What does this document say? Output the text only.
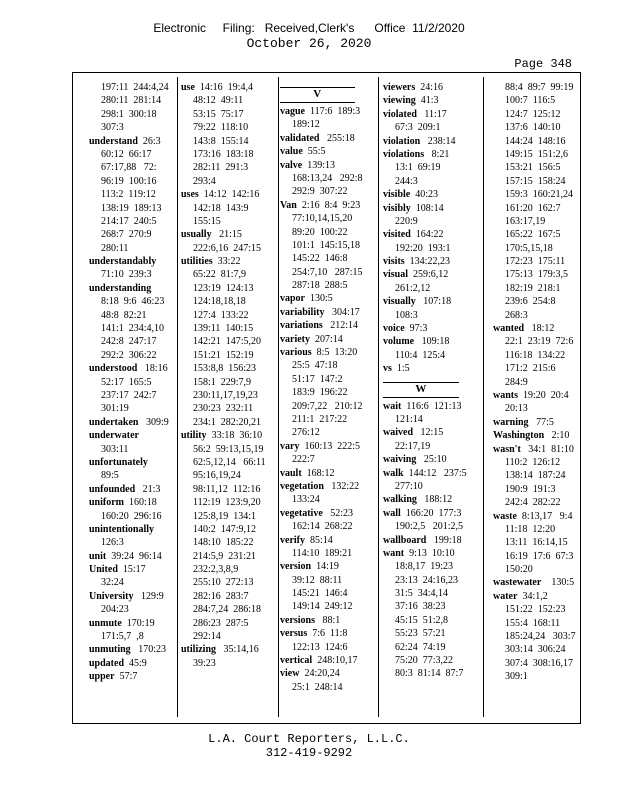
Electronic     Filing:   Received,Clerk's      Office  11/2/2020
October 26, 2020
Page 348
197:11  244:4,24
280:11  281:14
298:1  300:18
307:3
understand  26:3
60:12  66:17
67:17,88   72:
96:19  100:16
113:2  119:12
138:19  189:13
214:17  240:5
268:7  270:9
280:11
understandably
71:10  239:3
understanding
8:18  9:6  46:23
48:8  82:21
141:1  234:4,10
242:8  247:17
292:2  306:22
understood   18:16
52:17  165:5
237:17  242:7
301:19
undertaken   309:9
underwater
303:11
unfortunately
89:5
unfounded   21:3
uniform  160:18
160:20  296:16
unintentionally
126:3
unit  39:24  96:14
United  15:17
32:24
University   129:9
204:23
unmute  170:19
171:5,7  ,8
unmuting   170:23
updated  45:9
upper  57:7
use  14:16  19:4,4
48:12  49:11
53:15  75:17
79:22  118:10
143:8  155:14
173:16  183:18
282:11  291:3
293:4
uses  14:12  142:16
142:18  143:9
155:15
usually   21:15
222:6,16  247:15
utilities  33:22
65:22  81:7,9
123:19  124:13
124:18,18,18
127:4  133:22
139:11  140:15
142:21  147:5,20
151:21  152:19
153:8,8  156:23
158:1  229:7,9
230:11,17,19,23
230:23  232:11
234:1  282:20,21
utility  33:18  36:10
56:2  59:13,15,19
62:5,12,14   66:11
95:16,19,24
98:11,12  112:16
112:19  123:9,20
125:8,19  134:1
140:2  147:9,12
148:10  185:22
214:5,9  231:21
232:2,3,8,9
255:10  272:13
282:16  283:7
284:7,24  286:18
286:23  287:5
292:14
utilizing   35:14,16
39:23
V
vague  117:6  189:3
189:12
validated   255:18
value  55:5
valve  139:13
168:13,24   292:8
292:9  307:22
Van  2:16  8:4  9:23
77:10,14,15,20
89:20  100:22
101:1  145:15,18
145:22  146:8
254:7,10   287:15
287:18  288:5
vapor  130:5
variability   304:17
variations   212:14
variety  207:14
various  8:5  13:20
25:5  47:18
51:17  147:2
183:9  196:22
209:7,22   210:12
211:1  217:22
276:12
vary  160:13  222:5
222:7
vault  168:12
vegetation   132:22
133:24
vegetative   52:23
162:14  268:22
verify  85:14
114:10  189:21
version  14:19
39:12  88:11
145:21  146:4
149:14  249:12
versions   88:1
versus  7:6  11:8
122:13  124:6
vertical  248:10,17
view  24:20,24
25:1  248:14
viewers  24:16
viewing  41:3
violated   11:17
67:3  209:1
violation   238:14
violations   8:21
13:1  69:19
244:3
visible  40:23
visibly  108:14
220:9
visited  164:22
192:20  193:1
visits  134:22,23
visual  259:6,12
261:2,12
visually   107:18
108:3
voice  97:3
volume   109:18
110:4  125:4
vs  1:5
W
wait  116:6  121:13
121:14
waived   12:15
22:17,19
waiving   25:10
walk  144:12   237:5
277:10
walking   188:12
wall  166:20  177:3
190:2,5   201:2,5
wallboard   199:18
want  9:13  10:10
18:8,17  19:23
23:13  24:16,23
31:5  34:4,14
37:16  38:23
45:15  51:2,8
55:23  57:21
62:24  74:19
75:20  77:3,22
80:3  81:14  87:7
88:4  89:7  99:19
100:7  116:5
124:7  125:12
137:6  140:10
144:24  148:16
149:15  151:2,6
153:21  156:5
157:15  158:24
159:3  160:21,24
161:20  162:7
163:17,19
165:22  167:5
170:5,15,18
172:23  175:11
175:13  179:3,5
182:19  218:1
239:6  254:8
268:3
wanted   18:12
22:1  23:19  72:6
116:18  134:22
171:2  215:6
284:9
wants  19:20  20:4
20:13
warning   77:5
Washington   2:10
wasn't   34:1  81:10
110:2  126:12
138:14  187:24
190:9  191:3
242:4  282:22
waste  8:13,17   9:4
11:18  12:20
13:11  16:14,15
16:19  17:6  67:3
150:20
wastewater    130:5
water  34:1,2
151:22  152:23
155:4  168:11
185:24,24   303:7
303:14  306:24
307:4  308:16,17
309:1
L.A. Court Reporters, L.L.C.
312-419-9292
